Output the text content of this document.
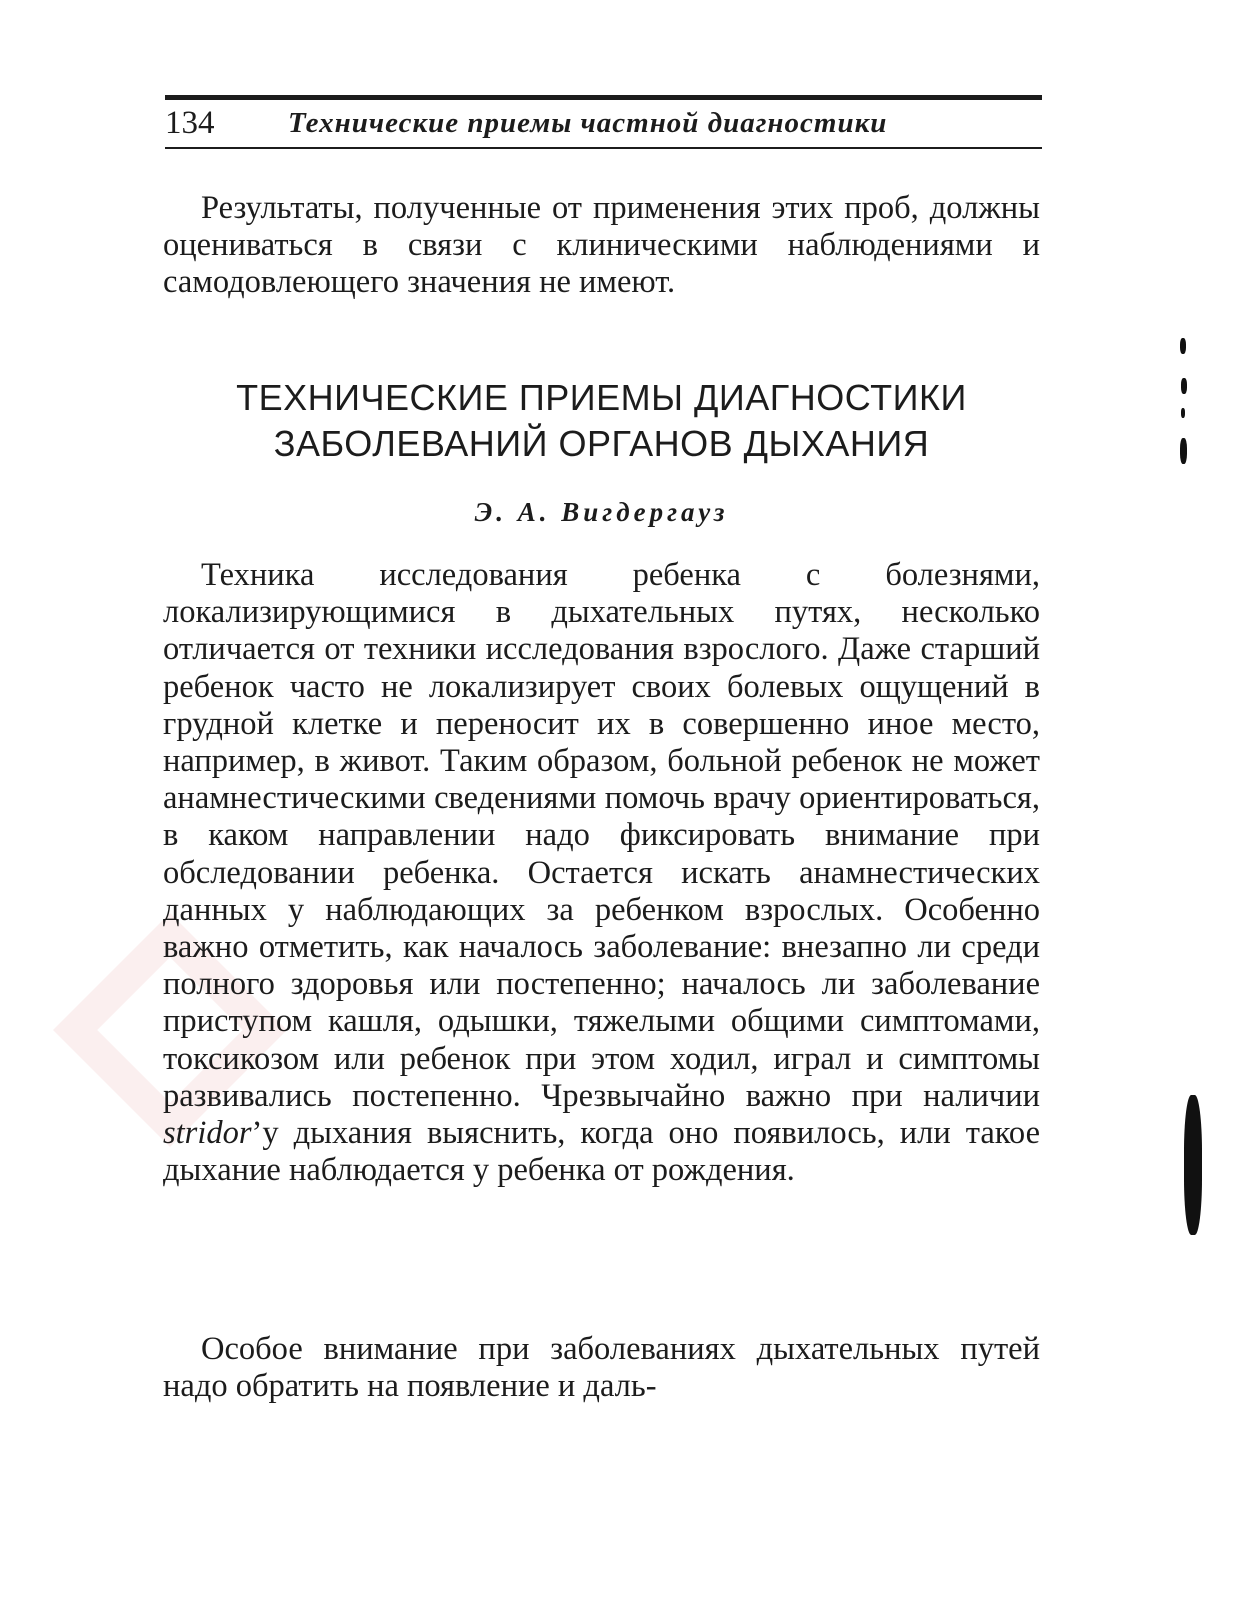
134	Технические приемы частной диагностики
Результаты, полученные от применения этих проб, должны оцениваться в связи с клиническими наблюдениями и самодовлеющего значения не имеют.
ТЕХНИЧЕСКИЕ ПРИЕМЫ ДИАГНОСТИКИ
ЗАБОЛЕВАНИЙ ОРГАНОВ ДЫХАНИЯ
Э. А. Вигдергауз
Техника исследования ребенка с болезнями, локализирующимися в дыхательных путях, несколько отличается от техники исследования взрослого. Даже старший ребенок часто не локализирует своих болевых ощущений в грудной клетке и переносит их в совершенно иное место, например, в живот. Таким образом, больной ребенок не может анамнестическими сведениями помочь врачу ориентироваться, в каком направлении надо фиксировать внимание при обследовании ребенка. Остается искать анамнестических данных у наблюдающих за ребенком взрослых. Особенно важно отметить, как началось заболевание: внезапно ли среди полного здоровья или постепенно; началось ли заболевание приступом кашля, одышки, тяжелыми общими симптомами, токсикозом или ребенок при этом ходил, играл и симптомы развивались постепенно. Чрезвычайно важно при наличии stridor’у дыхания выяснить, когда оно появилось, или такое дыхание наблюдается у ребенка от рождения.
Особое внимание при заболеваниях дыхательных путей надо обратить на появление и даль-
